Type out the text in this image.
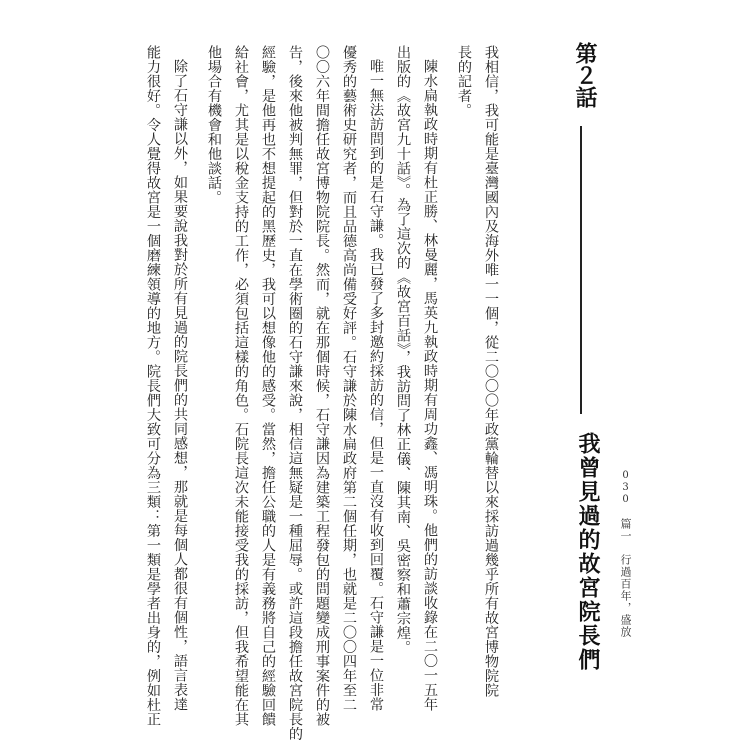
030　篇一　行過百年，盛放
第２話
我曾見過的故宮院長們
我相信，我可能是臺灣國內及海外唯一一個，從二〇〇〇年政黨輪替以來採訪過幾乎所有故宮博物院院
長的記者。
陳水扁執政時期有杜正勝、林曼麗，馬英九執政時期有周功鑫、馮明珠。他們的訪談收錄在二〇一五年
出版的《故宮九十話》。為了這次的《故宮百話》，我訪問了林正儀、陳其南、吳密察和蕭宗煌。
唯一無法訪問到的是石守謙。我已發了多封邀約採訪的信，但是一直沒有收到回覆。石守謙是一位非常
優秀的藝術史研究者，而且品德高尚備受好評。石守謙於陳水扁政府第二個任期，也就是二〇〇四年至二
〇〇六年間擔任故宮博物院院長。然而，就在那個時候，石守謙因為建築工程發包的問題變成刑事案件的被
告，後來他被判無罪，但對於一直在學術圈的石守謙來說，相信這無疑是一種屈辱。或許這段擔任故宮院長的
經驗，是他再也不想提起的黑歷史，我可以想像他的感受。當然，擔任公職的人是有義務將自己的經驗回饋
給社會，尤其是以稅金支持的工作，必須包括這樣的角色。石院長這次未能接受我的採訪，但我希望能在其
他場合有機會和他談話。
除了石守謙以外，如果要說我對於所有見過的院長們的共同感想，那就是每個人都很有個性，語言表達
能力很好。令人覺得故宮是一個磨練領導的地方。院長們大致可分為三類：第一類是學者出身的，例如杜正
